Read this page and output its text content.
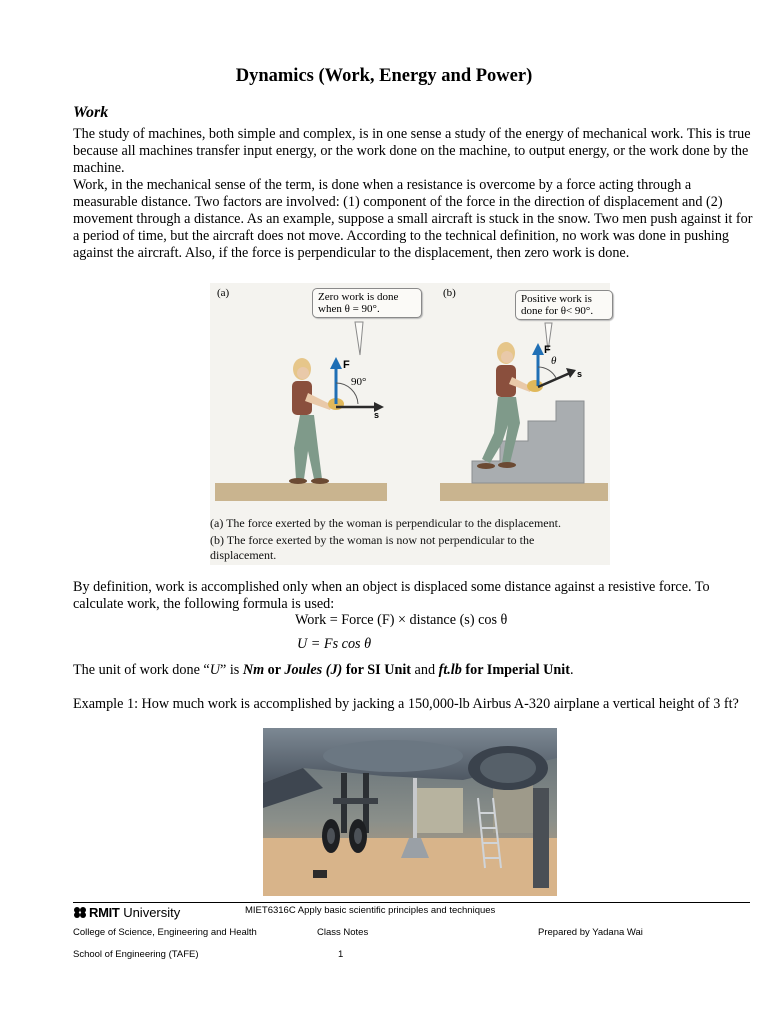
Dynamics (Work, Energy and Power)
Work

The study of machines, both simple and complex, is in one sense a study of the energy of mechanical work. This is true because all machines transfer input energy, or the work done on the machine, to output energy, or the work done by the machine.

Work, in the mechanical sense of the term, is done when a resistance is overcome by a force acting through a measurable distance. Two factors are involved: (1) component of the force in the direction of displacement and (2) movement through a distance. As an example, suppose a small aircraft is stuck in the snow. Two men push against it for a period of time, but the aircraft does not move. According to the technical definition, no work was done in pushing against the aircraft. Also, if the force is perpendicular to the displacement, then zero work is done.

(a)	Zero work is done when θ = 90°.
F
90°
s
(b)	Positive work is done for θ< 90°.
F
θ
s
(a) The force exerted by the woman is perpendicular to the displacement.
(b) The force exerted by the woman is now not perpendicular to the displacement.

By definition, work is accomplished only when an object is displaced some distance against a resistive force. To calculate work, the following formula is used:

Work = Force (F) × distance (s) cos θ

U = Fs cos θ

The unit of work done “U” is Nm or Joules (J) for SI Unit and ft.lb for Imperial Unit.

Example 1: How much work is accomplished by jacking a 150,000-lb Airbus A-320 airplane a vertical height of 3 ft?

RMIT University	MIET6316C Apply basic scientific principles and techniques
College of Science, Engineering and Health	Class Notes	Prepared by Yadana Wai
School of Engineering (TAFE)	1
